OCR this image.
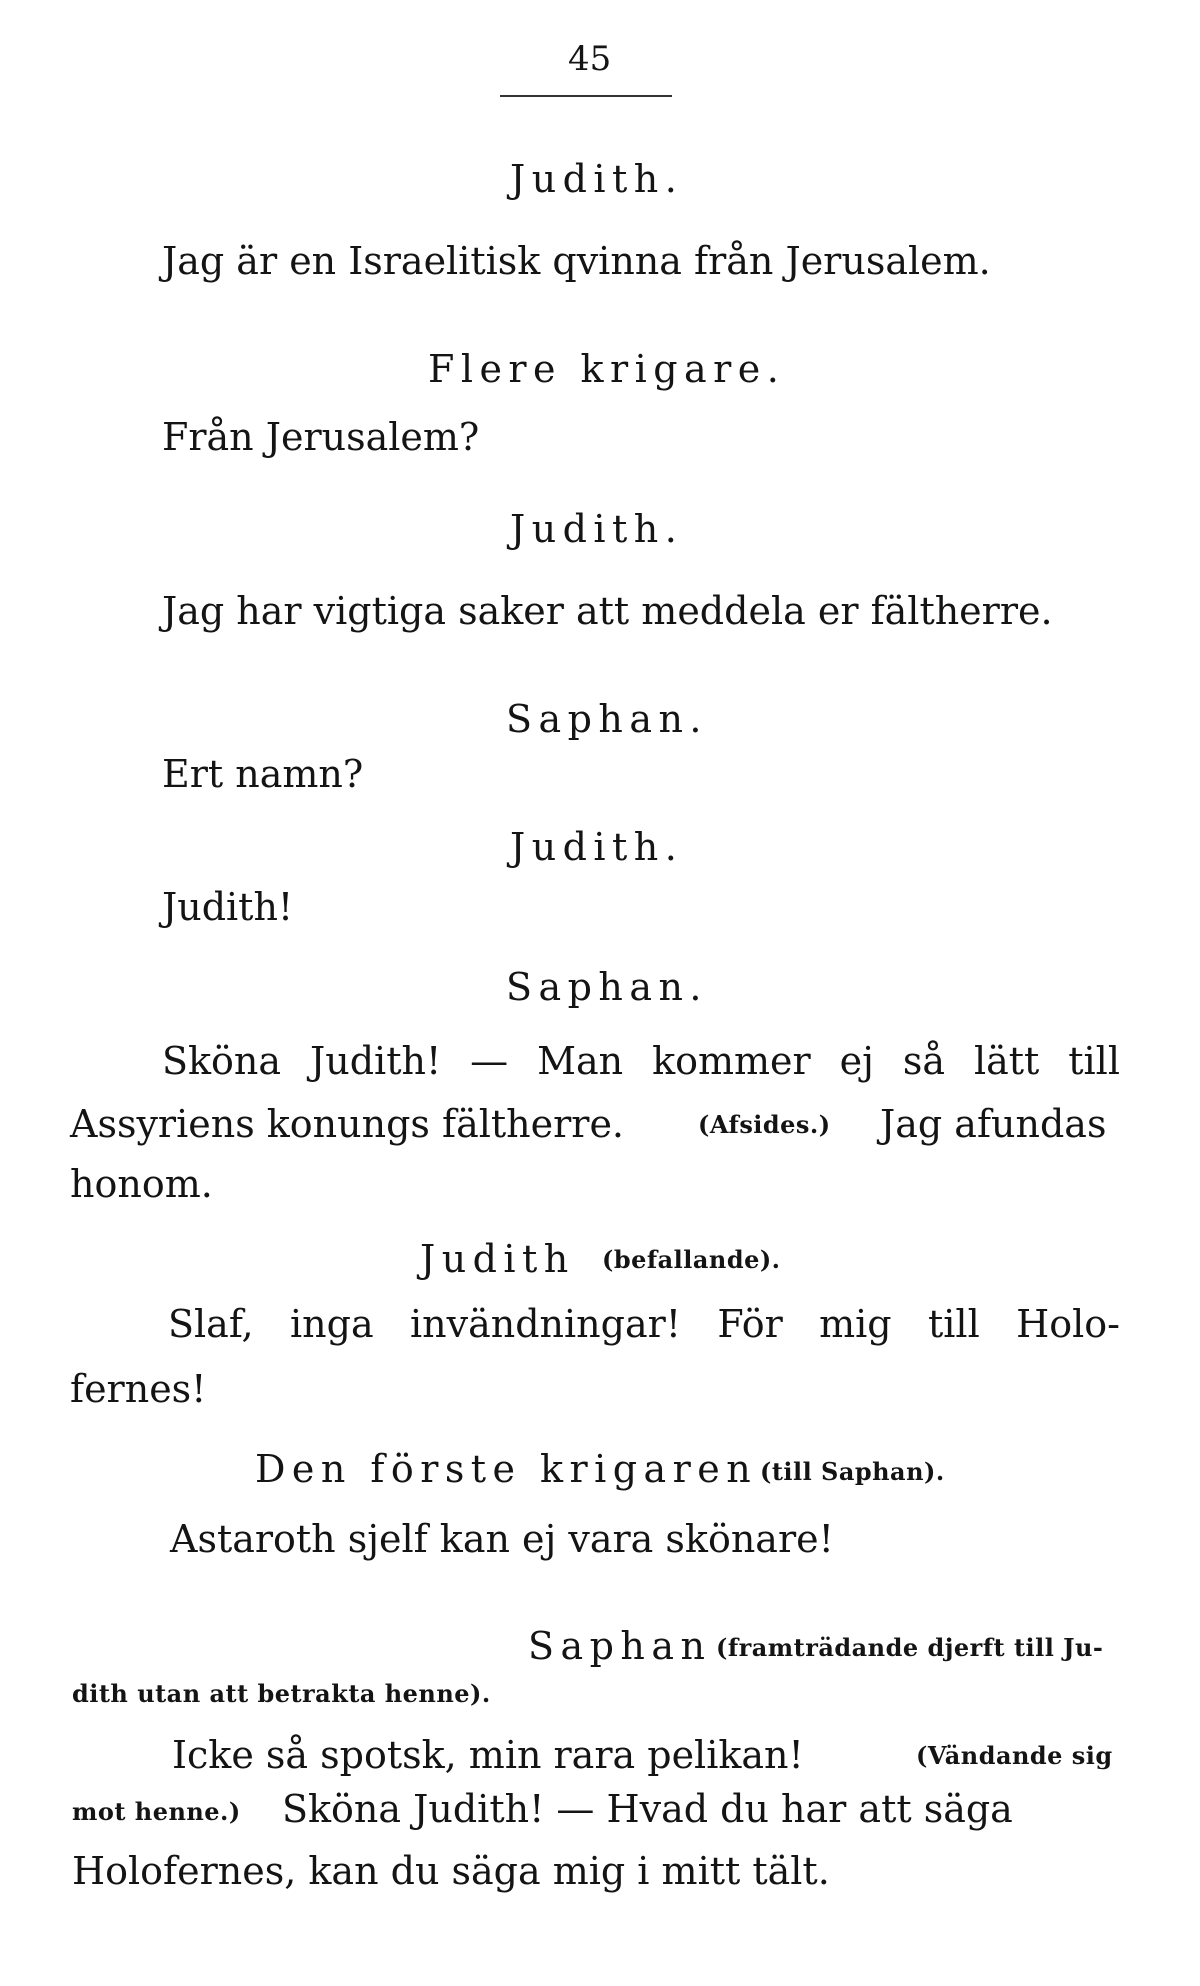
45
Judith.
Jag är en Israelitisk qvinna från Jerusalem.
Flere krigare.
Från Jerusalem?
Judith.
Jag har vigtiga saker att meddela er fältherre.
Saphan.
Ert namn?
Judith.
Judith!
Saphan.
Sköna Judith! — Man kommer ej så lätt till
Assyriens konungs fältherre.	(Afsides.) Jag afundas
honom.
Judith (befallande).
Slaf, inga invändningar! För mig till Holo-
fernes!
Den förste krigaren (till Saphan).
Astaroth sjelf kan ej vara skönare!
Saphan (framträdande djerft till Ju-
dith utan att betrakta henne).
Icke så spotsk, min rara pelikan!	(Vändande sig
mot henne.) Sköna Judith! — Hvad du har att säga
Holofernes, kan du säga mig i mitt tält.
